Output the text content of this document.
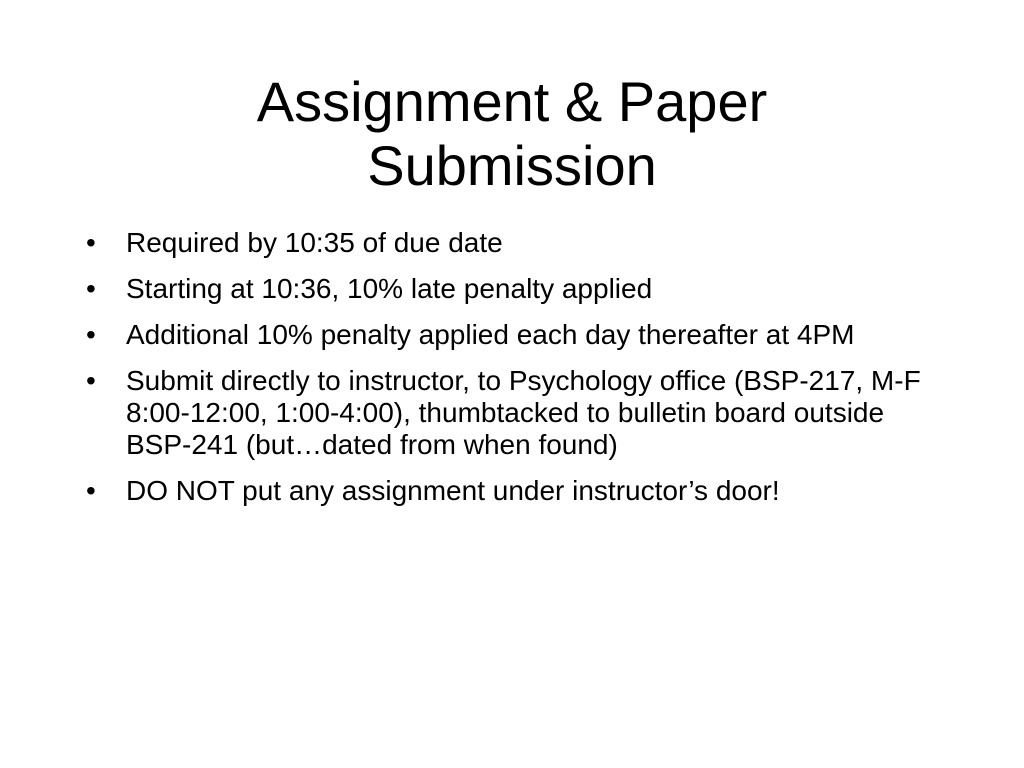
Assignment & Paper
Submission
•	Required by 10:35 of due date
•	Starting at 10:36, 10% late penalty applied
•	Additional 10% penalty applied each day thereafter at 4PM
•	Submit directly to instructor, to Psychology office (BSP-217, M-F 8:00-12:00, 1:00-4:00), thumbtacked to bulletin board outside BSP-241 (but…dated from when found)
•	DO NOT put any assignment under instructor’s door!
